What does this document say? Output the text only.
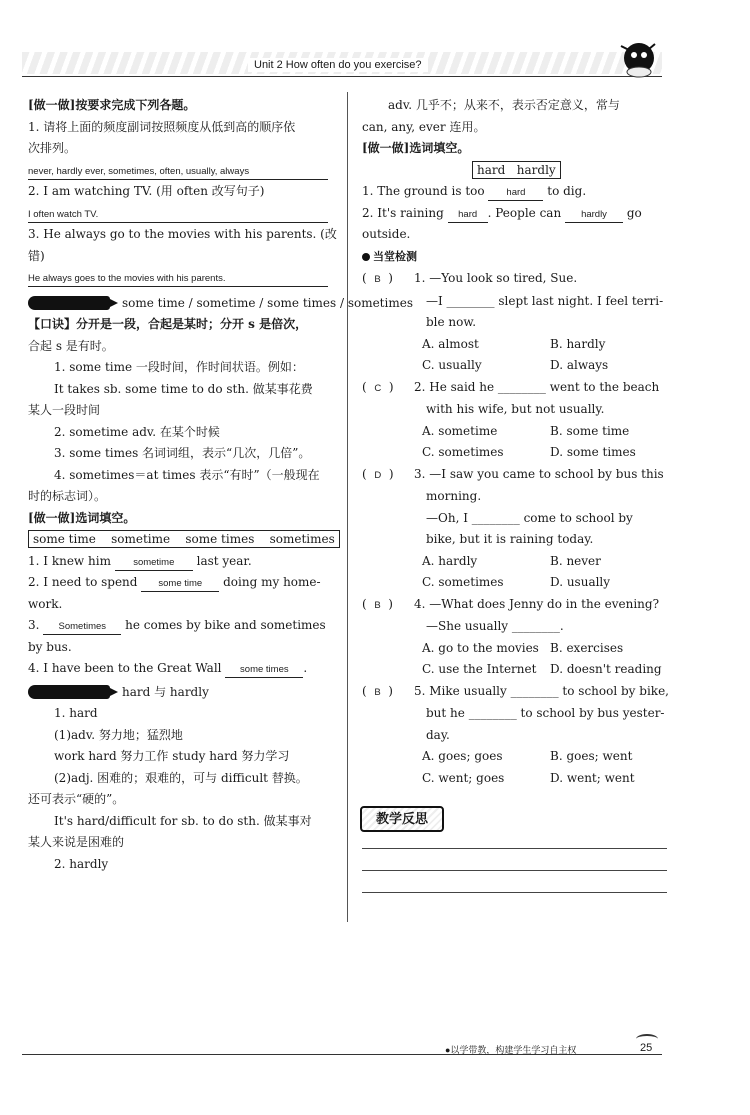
Unit 2 How often do you exercise?
[做一做]按要求完成下列各题。
1. 请将上面的频度副词按照频度从低到高的顺序依
次排列。
never, hardly ever, sometimes, often, usually, always
2. I am watching TV. (用 often 改写句子)
I often watch TV.
3. He always go to the movies with his parents. (改
错)
He always goes to the movies with his parents.
some time / sometime / some times / sometimes
【口诀】分开是一段，合起是某时；分开 s 是倍次，
合起 s 是有时。
1. some time 一段时间，作时间状语。例如：
It takes sb. some time to do sth. 做某事花费
某人一段时间
2. sometime adv. 在某个时候
3. some times 名词词组，表示“几次，几倍”。
4. sometimes＝at times 表示“有时”（一般现在
时的标志词）。
[做一做]选词填空。
some time sometime some times sometimes
1. I knew him sometime last year.
2. I need to spend some time doing my home-
work.
3. Sometimes he comes by bike and sometimes
by bus.
4. I have been to the Great Wall some times .
hard 与 hardly
1. hard
(1)adv. 努力地；猛烈地
work hard 努力工作 study hard 努力学习
(2)adj. 困难的；艰难的，可与 difficult 替换。
还可表示“硬的”。
It's hard/difficult for sb. to do sth. 做某事对
某人来说是困难的
2. hardly
adv. 几乎不；从来不，表示否定意义，常与
can, any, ever 连用。
[做一做]选词填空。
hard hardly
1. The ground is too hard to dig.
2. It's raining hard . People can hardly go
outside.
当堂检测
(  B  ) 1. —You look so tired, Sue.
—I ________ slept last night. I feel terri-
ble now.
A. almost	B. hardly
C. usually	D. always
(  C  ) 2. He said he ________ went to the beach
with his wife, but not usually.
A. sometime	B. some time
C. sometimes	D. some times
(  D  ) 3. —I saw you came to school by bus this
morning.
—Oh, I ________ come to school by
bike, but it is raining today.
A. hardly	B. never
C. sometimes	D. usually
(  B  ) 4. —What does Jenny do in the evening?
—She usually ________.
A. go to the movies B. exercises
C. use the Internet D. doesn't reading
(  B  ) 5. Mike usually ________ to school by bike,
but he ________ to school by bus yester-
day.
A. goes; goes	B. goes; went
C. went; goes	D. went; went
教学反思
●以学带教，构建学生学习自主权	25
